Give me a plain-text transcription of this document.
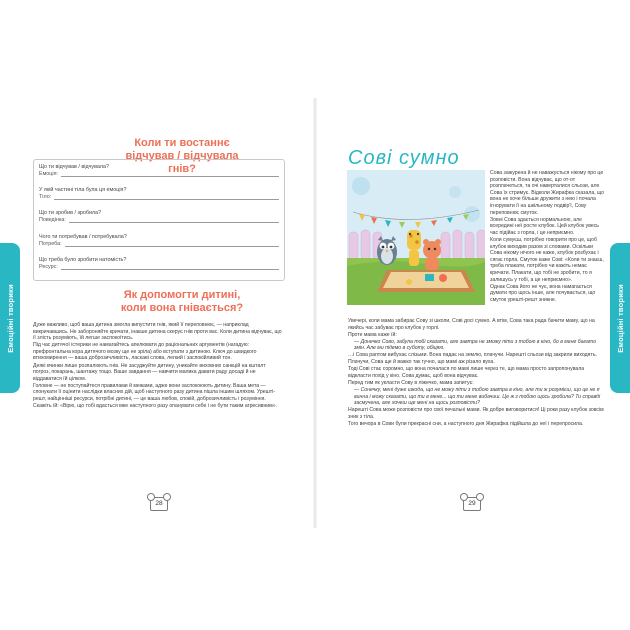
Коли ти востаннє
відчував / відчувала гнів?
Що ти відчував / відчувала?
Емоція:
У якій частині тіла була ця емоція?
Тіло:
Що ти зробив / зробила?
Поведінка:
Чого ти потребував / потребувала?
Потреба:
Що треба було зробити натомість?
Ресурс:
Як допомогти дитині,
коли вона гнівається?

Дуже важливо, щоб ваша дитина змогла випустити гнів, який її переповнює, — наприклад викричавшись. Не забороняйте кричати, інакше дитина скерує гнів проти вас. Коли дитина відчуває, що її злість розуміють, їй легше заспокоїтись.

Під час дитячої істерики не намагайтесь апелювати до раціональних аргументів (нагадую: префронтальна кора дитячого мозку ще не зріла) або вступати з дитиною. Ключ до швидкого втихомирення — ваша доброзичливість, ласкаві слова, легкий і заспокійливий тон.

Деякі вчинки лише розпалюють гнів. Не засуджуйте дитину, уникайте виховних санкцій на кшталт погроз, покарань, шантажу тощо. Ваше завдання — навчити малика давати раду досаді й не віддаватися їй цілком.

Головне — не поступайтеся правилами й межами, адже вони заспокоюють дитину. Ваша мета — спонукати її оцінити наслідки власних дій, щоб наступного разу дитина пішла іншим шляхом. Урешті-решт, найцінніші ресурси, потрібні дитині, — це ваша любов, спокій, доброзичливість і розуміння. Скажіть їй: «Вірю, що тобі вдасться вже наступного разу опанувати себе і не бути таким агресивним».

28
Емоційні творики
Сові сумно

Сова зажурена й не наважується нікому про це розповісти. Вона відчуває, що от-от розплачеться, та очі наверталися сльози, але Сова їх стримує. Відколи Жирафка сказала, що вона не хоче більше дружити з нею і почала ігнорувати її на шкільному подвір'ї, Сову переповнює смуток.

Зовні Сова здається нормальною, але всередині неї росте клубок. Цей клубок увесь час підійає з горла, і це неприємно.

Коли сумуєш, потрібно говорити про це, щоб клубок виходив разом зі словами. Оскільки Сова нікому нічого не каже, клубок розбухає і сягає горла. Смуток каже Сові: «Коли ти знаєш, треба плакати, потрібно чи кажіть немає кричати. Плакати, що тобі не зробити, то я залишусь у тобі, а це неприємно».

Однак Сова його не чує, вона намагається думати про щось інше, але почувається, що смуток урешті-решт зникне.

Увечері, коли мама забирає Сову зі школи, Сові досі сумно. А втім, Сова така рада бачити маму, що на якийсь час забуває про клубок у горлі.

Проте мама каже їй:

— Донечко Сово, забула тобі сказати, але завтра не зможу піти з тобою в кіно, бо в мене багато змін. Але ми підемо в суботу, обіцяю.

…і Сова раптом вибухає слізьми. Вона падає на землю, плачучи. Нарешті сльози від закрили виходять. Плачучи, Сова ще й важко так гучно, що мамі аж різало вуха.

Тоді Сові стає соромно, що вона почалася по мамі лише через те, що мама просто запропонувала відкласти похід у кіно. Сова думає, щоб вона відчуває.

Перед тим як укласти Сову в ліжечко, мама запитує:

— Сонечку, мені дуже шкода, що не можу піти з тобою завтра в кіно, але ти ж розумієш, що це не я винна і можу сказати, що ти в мене... що ти мене вибачиш. Це ж з тобою щось зробила? Ти справді засмучена, але хочеш ще мені на щось розповісти?

Нарешті Сова може розповісти про свої печальні мами. Як добре виговоритися! Ці роки разу клубок зовсім зник з тіла.

Того вечора в Сови були прекрасні сни, а наступного дня Жирафка підійшла до неї і перепросила.

29
Емоційні творики
